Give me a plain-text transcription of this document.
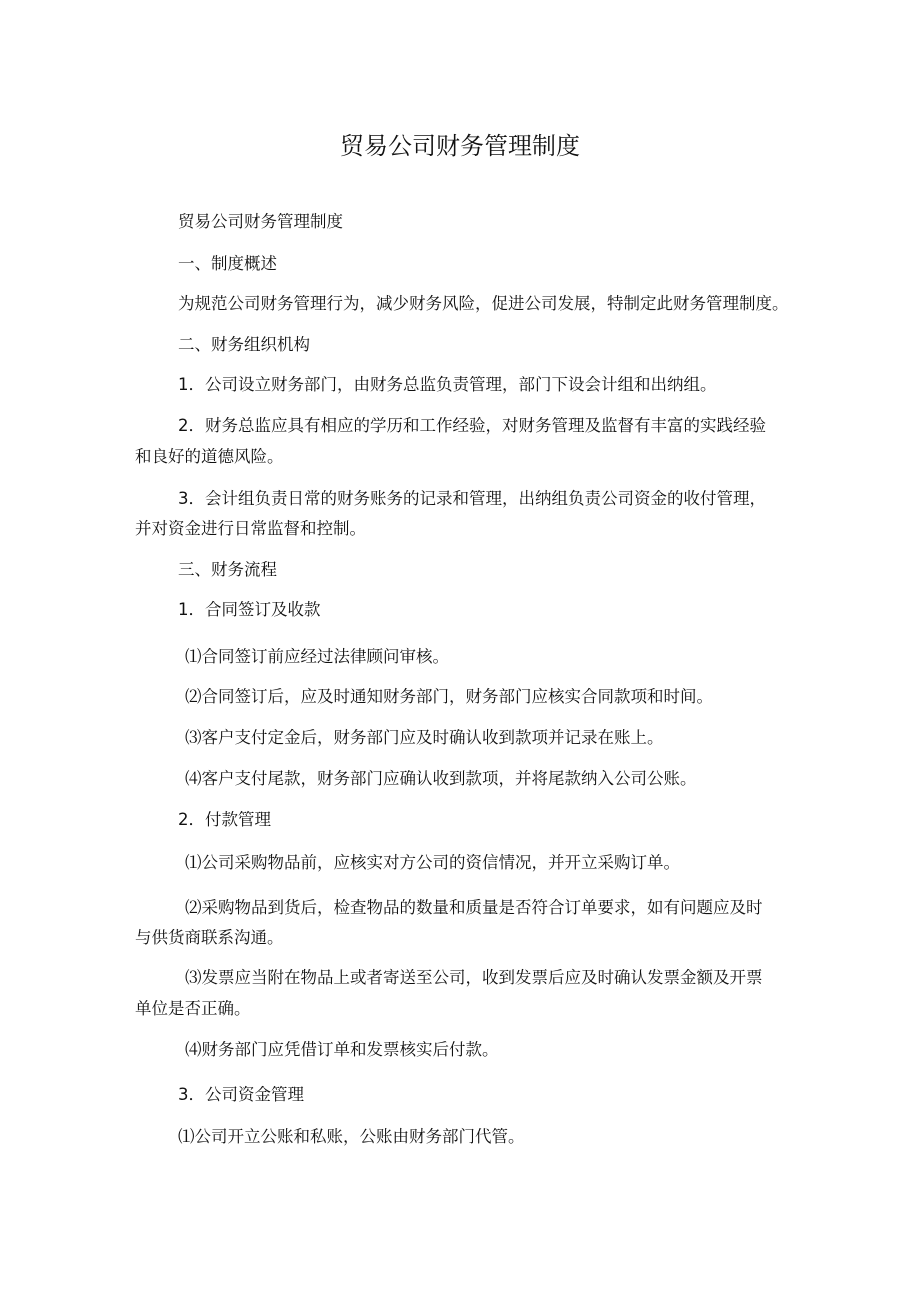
贸易公司财务管理制度
贸易公司财务管理制度
一、制度概述
为规范公司财务管理行为，减少财务风险，促进公司发展，特制定此财务管理制度。
二、财务组织机构
1．公司设立财务部门，由财务总监负责管理，部门下设会计组和出纳组。
2．财务总监应具有相应的学历和工作经验，对财务管理及监督有丰富的实践经验
和良好的道德风险。
3．会计组负责日常的财务账务的记录和管理，出纳组负责公司资金的收付管理，
并对资金进行日常监督和控制。
三、财务流程
1．合同签订及收款
⑴合同签订前应经过法律顾问审核。
⑵合同签订后，应及时通知财务部门，财务部门应核实合同款项和时间。
⑶客户支付定金后，财务部门应及时确认收到款项并记录在账上。
⑷客户支付尾款，财务部门应确认收到款项，并将尾款纳入公司公账。
2．付款管理
⑴公司采购物品前，应核实对方公司的资信情况，并开立采购订单。
⑵采购物品到货后，检查物品的数量和质量是否符合订单要求，如有问题应及时
与供货商联系沟通。
⑶发票应当附在物品上或者寄送至公司，收到发票后应及时确认发票金额及开票
单位是否正确。
⑷财务部门应凭借订单和发票核实后付款。
3．公司资金管理
⑴公司开立公账和私账，公账由财务部门代管。
